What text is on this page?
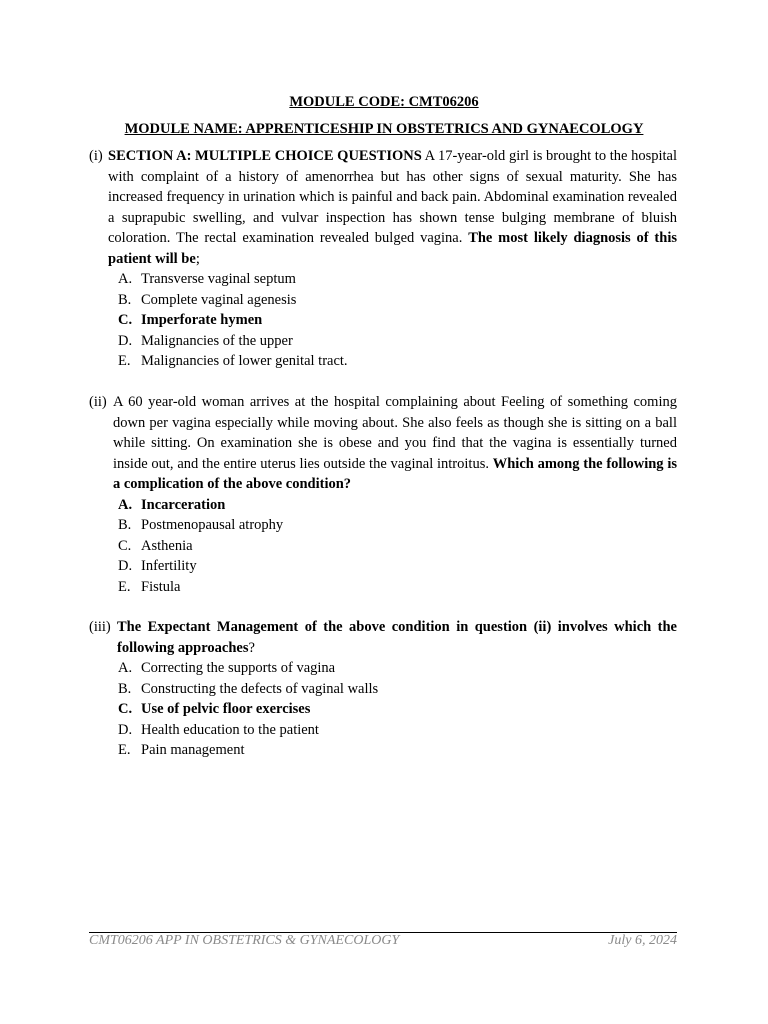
MODULE CODE: CMT06206
MODULE NAME: APPRENTICESHIP IN OBSTETRICS AND GYNAECOLOGY
(i) SECTION A: MULTIPLE CHOICE QUESTIONS A 17-year-old girl is brought to the hospital with complaint of a history of amenorrhea but has other signs of sexual maturity. She has increased frequency in urination which is painful and back pain. Abdominal examination revealed a suprapubic swelling, and vulvar inspection has shown tense bulging membrane of bluish coloration. The rectal examination revealed bulged vagina. The most likely diagnosis of this patient will be;
A. Transverse vaginal septum
B. Complete vaginal agenesis
C. Imperforate hymen
D. Malignancies of the upper
E. Malignancies of lower genital tract.
(ii) A 60 year-old woman arrives at the hospital complaining about Feeling of something coming down per vagina especially while moving about. She also feels as though she is sitting on a ball while sitting. On examination she is obese and you find that the vagina is essentially turned inside out, and the entire uterus lies outside the vaginal introitus. Which among the following is a complication of the above condition?
A. Incarceration
B. Postmenopausal atrophy
C. Asthenia
D. Infertility
E. Fistula
(iii) The Expectant Management of the above condition in question (ii) involves which the following approaches?
A. Correcting the supports of vagina
B. Constructing the defects of vaginal walls
C. Use of pelvic floor exercises
D. Health education to the patient
E. Pain management
CMT06206 APP IN OBSTETRICS & GYNAECOLOGY	July 6, 2024
